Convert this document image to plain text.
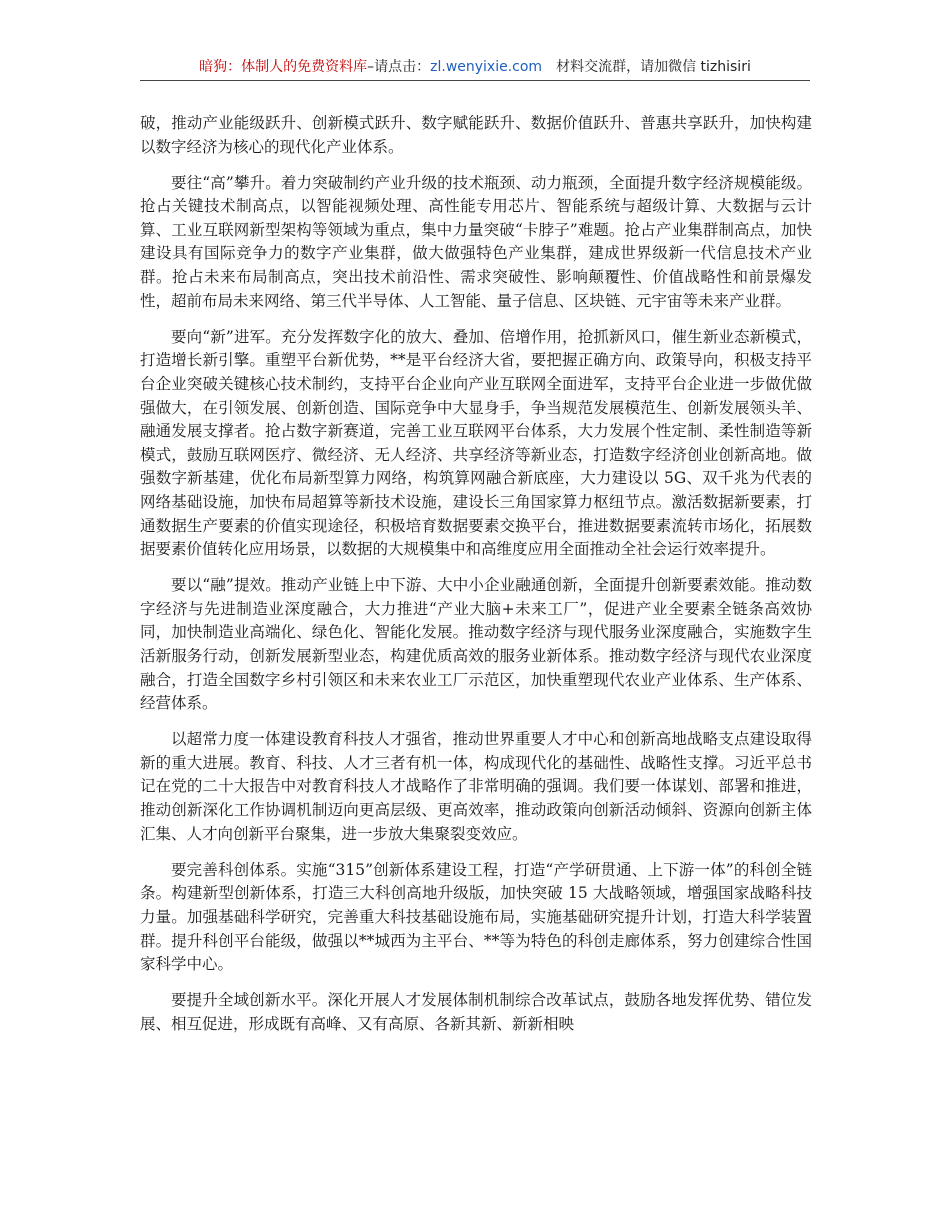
暗狗：体制人的免费资料库–请点击：zl.wenyixie.com 材料交流群，请加微信 tizhisiri

破，推动产业能级跃升、创新模式跃升、数字赋能跃升、数据价值跃升、普惠共享跃升，加快构建以数字经济为核心的现代化产业体系。

要往“高”攀升。着力突破制约产业升级的技术瓶颈、动力瓶颈，全面提升数字经济规模能级。抢占关键技术制高点，以智能视频处理、高性能专用芯片、智能系统与超级计算、大数据与云计算、工业互联网新型架构等领域为重点，集中力量突破“卡脖子”难题。抢占产业集群制高点，加快建设具有国际竞争力的数字产业集群，做大做强特色产业集群，建成世界级新一代信息技术产业群。抢占未来布局制高点，突出技术前沿性、需求突破性、影响颠覆性、价值战略性和前景爆发性，超前布局未来网络、第三代半导体、人工智能、量子信息、区块链、元宇宙等未来产业群。

要向“新”进军。充分发挥数字化的放大、叠加、倍增作用，抢抓新风口，催生新业态新模式，打造增长新引擎。重塑平台新优势，**是平台经济大省，要把握正确方向、政策导向，积极支持平台企业突破关键核心技术制约，支持平台企业向产业互联网全面进军，支持平台企业进一步做优做强做大，在引领发展、创新创造、国际竞争中大显身手，争当规范发展模范生、创新发展领头羊、融通发展支撑者。抢占数字新赛道，完善工业互联网平台体系，大力发展个性定制、柔性制造等新模式，鼓励互联网医疗、微经济、无人经济、共享经济等新业态，打造数字经济创业创新高地。做强数字新基建，优化布局新型算力网络，构筑算网融合新底座，大力建设以 5G、双千兆为代表的网络基础设施，加快布局超算等新技术设施，建设长三角国家算力枢纽节点。激活数据新要素，打通数据生产要素的价值实现途径，积极培育数据要素交换平台，推进数据要素流转市场化，拓展数据要素价值转化应用场景，以数据的大规模集中和高维度应用全面推动全社会运行效率提升。

要以“融”提效。推动产业链上中下游、大中小企业融通创新，全面提升创新要素效能。推动数字经济与先进制造业深度融合，大力推进“产业大脑+未来工厂”，促进产业全要素全链条高效协同，加快制造业高端化、绿色化、智能化发展。推动数字经济与现代服务业深度融合，实施数字生活新服务行动，创新发展新型业态，构建优质高效的服务业新体系。推动数字经济与现代农业深度融合，打造全国数字乡村引领区和未来农业工厂示范区，加快重塑现代农业产业体系、生产体系、经营体系。

以超常力度一体建设教育科技人才强省，推动世界重要人才中心和创新高地战略支点建设取得新的重大进展。教育、科技、人才三者有机一体，构成现代化的基础性、战略性支撑。习近平总书记在党的二十大报告中对教育科技人才战略作了非常明确的强调。我们要一体谋划、部署和推进，推动创新深化工作协调机制迈向更高层级、更高效率，推动政策向创新活动倾斜、资源向创新主体汇集、人才向创新平台聚集，进一步放大集聚裂变效应。

要完善科创体系。实施“315”创新体系建设工程，打造“产学研贯通、上下游一体”的科创全链条。构建新型创新体系，打造三大科创高地升级版，加快突破 15 大战略领域，增强国家战略科技力量。加强基础科学研究，完善重大科技基础设施布局，实施基础研究提升计划，打造大科学装置群。提升科创平台能级，做强以**城西为主平台、**等为特色的科创走廊体系，努力创建综合性国家科学中心。

要提升全域创新水平。深化开展人才发展体制机制综合改革试点，鼓励各地发挥优势、错位发展、相互促进，形成既有高峰、又有高原、各新其新、新新相映
